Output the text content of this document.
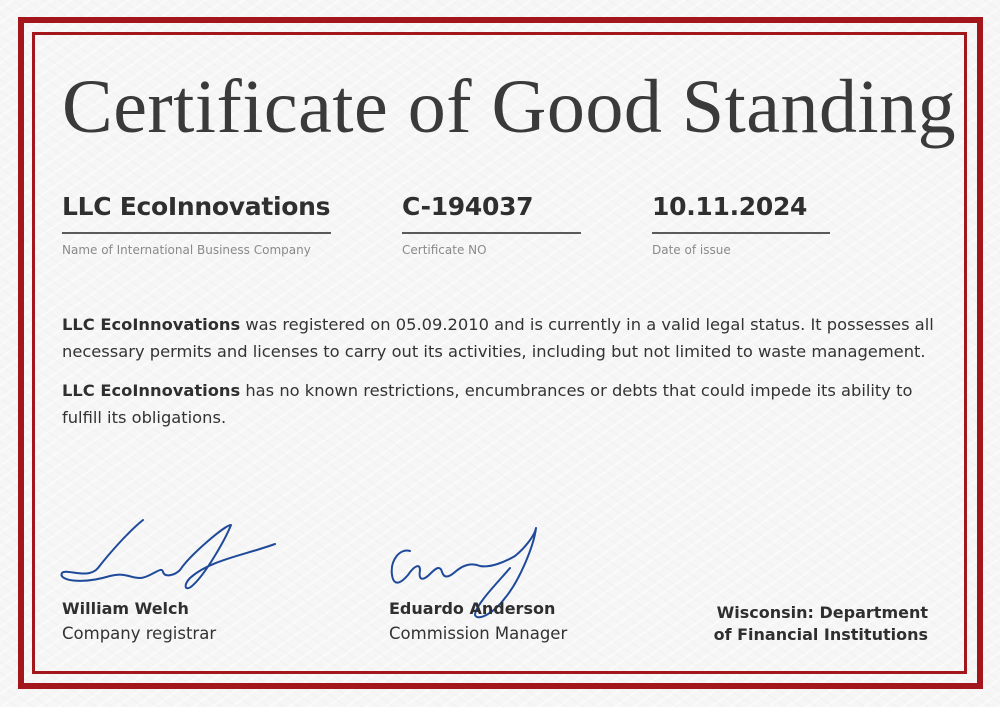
Certificate of Good Standing
LLC EcoInnovations
Name of International Business Company
C-194037
Certificate NO
10.11.2024
Date of issue

LLC EcoInnovations was registered on 05.09.2010 and is currently in a valid legal status. It possesses all necessary permits and licenses to carry out its activities, including but not limited to waste management.

LLC EcoInnovations has no known restrictions, encumbrances or debts that could impede its ability to fulfill its obligations.

William Welch
Company registrar
Eduardo Anderson
Commission Manager
Wisconsin: Department
of Financial Institutions
